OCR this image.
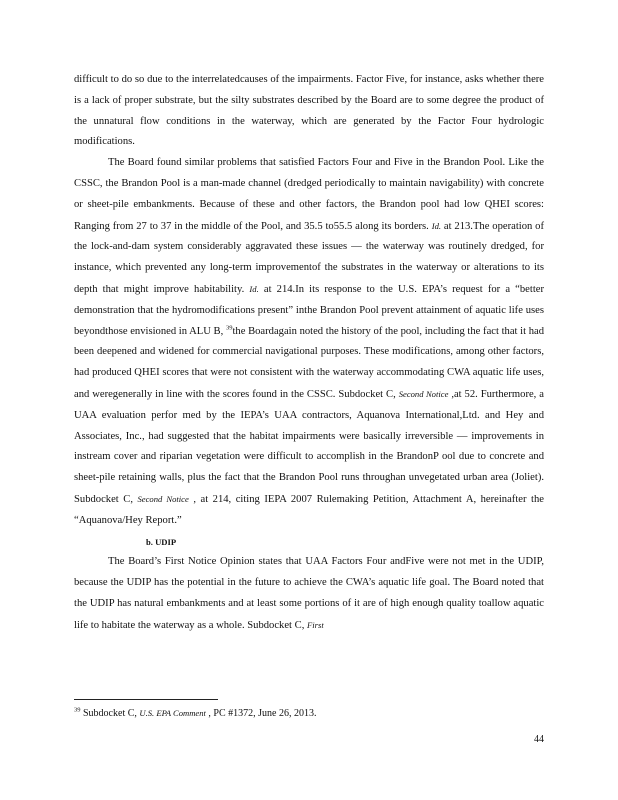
difficult to do so due to the interrelatedcauses of the impairments. Factor Five, for instance, asks whether there is a lack of proper substrate, but the silty substrates described by the Board are to some degree the product of the unnatural flow conditions in the waterway, which are generated by the Factor Four hydrologic modifications.

The Board found similar problems that satisfied Factors Four and Five in the Brandon Pool. Like the CSSC, the Brandon Pool is a man-made channel (dredged periodically to maintain navigability) with concrete or sheet-pile embankments. Because of these and other factors, the Brandon pool had low QHEI scores: Ranging from 27 to 37 in the middle of the Pool, and 35.5 to55.5 along its borders. Id. at 213.The operation of the lock-and-dam system considerably aggravated these issues — the waterway was routinely dredged, for instance, which prevented any long-term improvementof the substrates in the waterway or alterations to its depth that might improve habitability. Id. at 214.In its response to the U.S. EPA’s request for a “better demonstration that the hydromodifications present” inthe Brandon Pool prevent attainment of aquatic life uses beyondthose envisioned in ALU B, $^{39}$the Boardagain noted the history of the pool, including the fact that it had been deepened and widened for commercial navigational purposes. These modifications, among other factors, had produced QHEI scores that were not consistent with the waterway accommodating CWA aquatic life uses, and weregenerally in line with the scores found in the CSSC. Subdocket C, Second Notice ,at 52. Furthermore, a UAA evaluation perfor med by the IEPA’s UAA contractors, Aquanova International,Ltd. and Hey and Associates, Inc., had suggested that the habitat impairments were basically irreversible — improvements in instream cover and riparian vegetation were difficult to accomplish in the BrandonP ool due to concrete and sheet-pile retaining walls, plus the fact that the Brandon Pool runs throughan unvegetated urban area (Joliet). Subdocket C, Second Notice , at 214, citing IEPA 2007 Rulemaking Petition, Attachment A, hereinafter the “Aquanova/Hey Report.”

b. UDIP

The Board’s First Notice Opinion states that UAA Factors Four andFive were not met in the UDIP, because the UDIP has the potential in the future to achieve the CWA’s aquatic life goal. The Board noted that the UDIP has natural embankments and at least some portions of it are of high enough quality toallow aquatic life to habitate the waterway as a whole. Subdocket C, First

$^{39}$ Subdocket C, U.S. EPA Comment , PC #1372, June 26, 2013.
44
